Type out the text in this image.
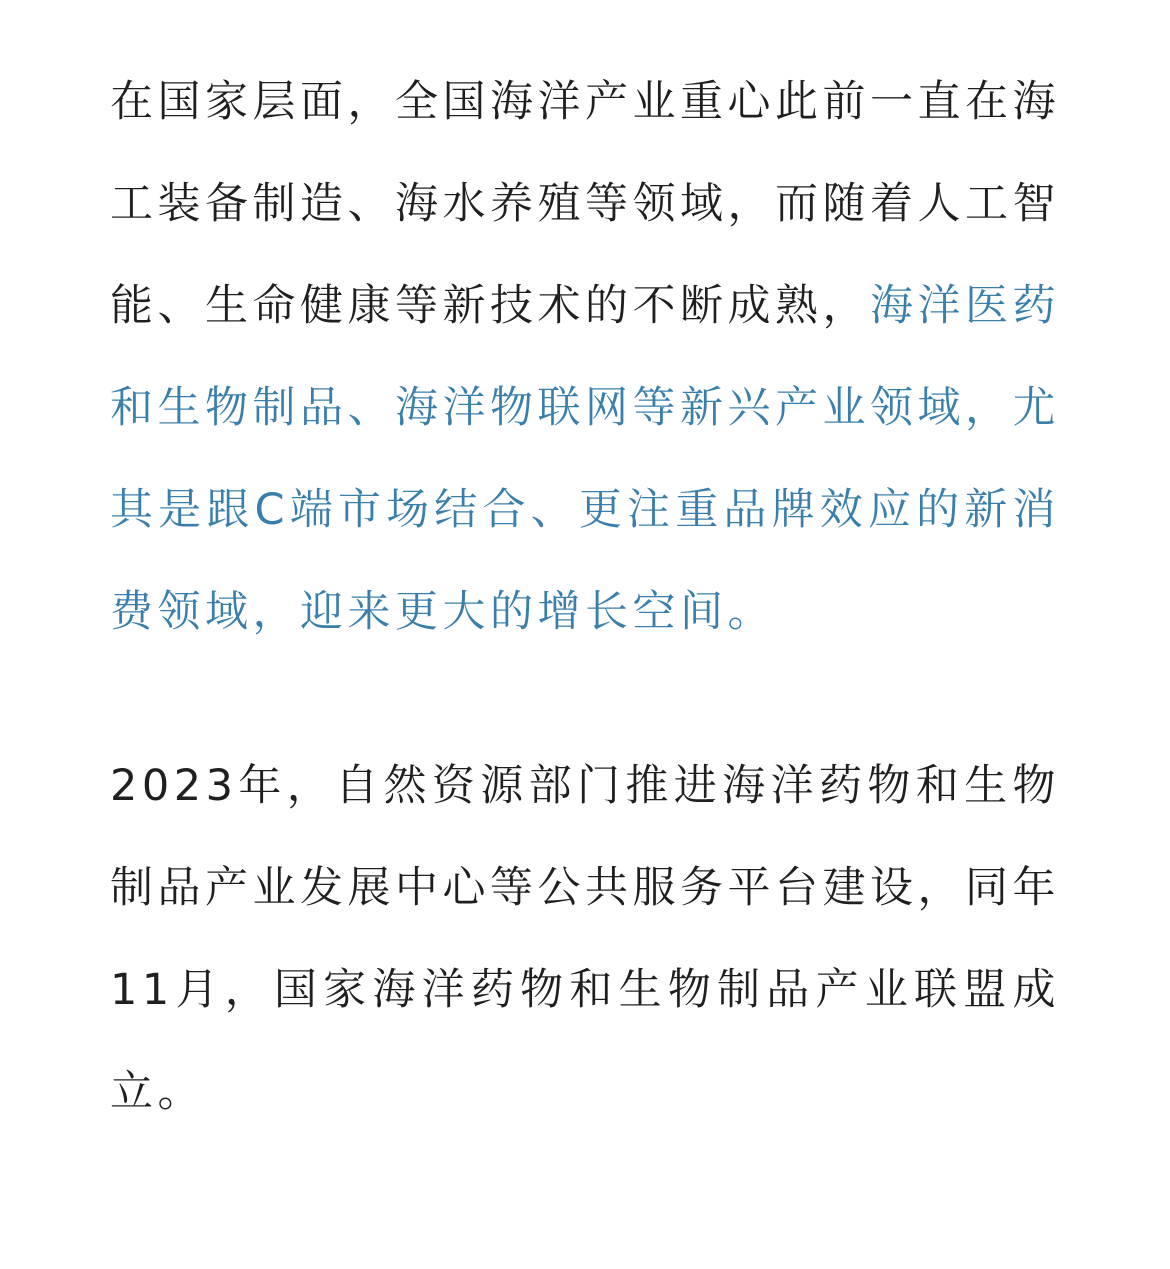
在国家层面，全国海洋产业重心此前一直在海工装备制造、海水养殖等领域，而随着人工智能、生命健康等新技术的不断成熟，海洋医药和生物制品、海洋物联网等新兴产业领域，尤其是跟C端市场结合、更注重品牌效应的新消费领域，迎来更大的增长空间。

2023年，自然资源部门推进海洋药物和生物制品产业发展中心等公共服务平台建设，同年11月，国家海洋药物和生物制品产业联盟成立。
